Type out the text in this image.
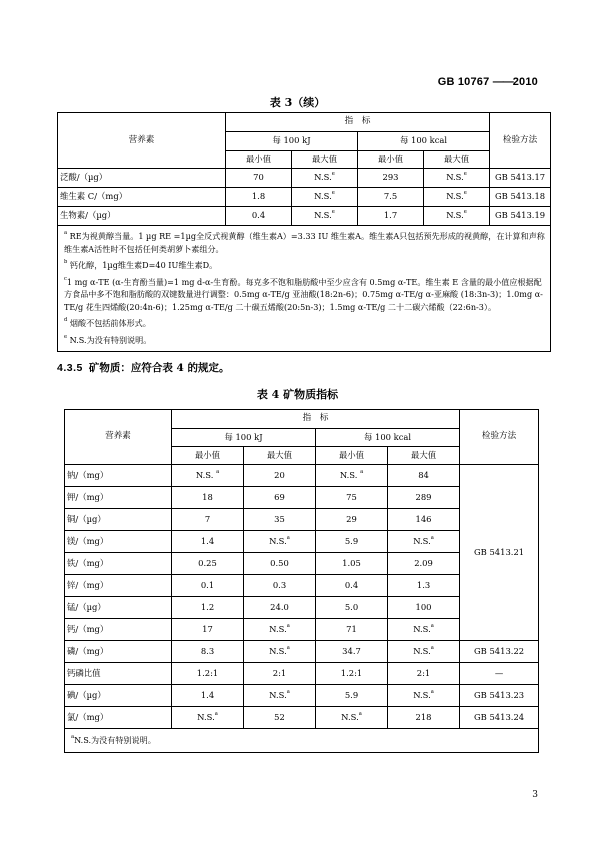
GB 10767 ——2010
表 3（续）
营养素	指　标				检验方法
	每 100 kJ		每 100 kcal		
	最小值	最大值	最小值	最大值	
泛酸/（µg）	70	N.S.$^e$	293	N.S.$^e$	GB 5413.17
维生素 C/（mg）	1.8	N.S.$^e$	7.5	N.S.$^e$	GB 5413.18
生物素/（µg）	0.4	N.S.$^e$	1.7	N.S.$^e$	GB 5413.19

$^a$ RE为视黄醇当量。1 µg RE =1µg全反式视黄醇（维生素A）=3.33 IU 维生素A。维生素A只包括预先形成的视黄醇，在计算和声称维生素A活性时不包括任何类胡萝卜素组分。

$^b$ 钙化醇，1µg维生素D=40 IU维生素D。

$^c$1 mg α-TE (α-生育酚当量)=1 mg d-α-生育酚。每克多不饱和脂肪酸中至少应含有 0.5mg α-TE。维生素 E 含量的最小值应根据配方食品中多不饱和脂肪酸的双键数量进行调整：0.5mg α-TE/g 亚油酸(18:2n-6)；0.75mg α-TE/g α-亚麻酸 (18:3n-3)；1.0mg α-TE/g 花生四烯酸(20:4n-6)；1.25mg α-TE/g 二十碳五烯酸(20:5n-3)；1.5mg α-TE/g 二十二碳六烯酸（22:6n-3）。

$^d$ 烟酸不包括前体形式。

$^e$ N.S.为没有特别说明。					

4.3.5 矿物质：应符合表 4 的规定。
表 4 矿物质指标
营养素	指　标				检验方法
	每 100 kJ		每 100 kcal		
	最小值	最大值	最小值	最大值	
钠/（mg）	N.S. $^a$	20	N.S. $^a$	84	GB 5413.21
钾/（mg）	18	69	75	289	
铜/（µg）	7	35	29	146	
镁/（mg）	1.4	N.S.$^a$	5.9	N.S.$^a$
铁/（mg）	0.25	0.50	1.05	2.09	
锌/（mg）	0.1	0.3	0.4	1.3	
锰/（µg）	1.2	24.0	5.0	100	
钙/（mg）	17	N.S.$^a$	71	N.S.$^a$
磷/（mg）	8.3	N.S.$^a$	34.7	N.S.$^a$	GB 5413.22
钙磷比值	1.2:1	2:1	1.2:1	2:1	—
碘/（µg）	1.4	N.S.$^a$	5.9	N.S.$^a$	GB 5413.23
氯/（mg）	N.S.$^a$	52	N.S.$^a$	218	GB 5413.24

$^a$N.S.为没有特别说明。					

3
